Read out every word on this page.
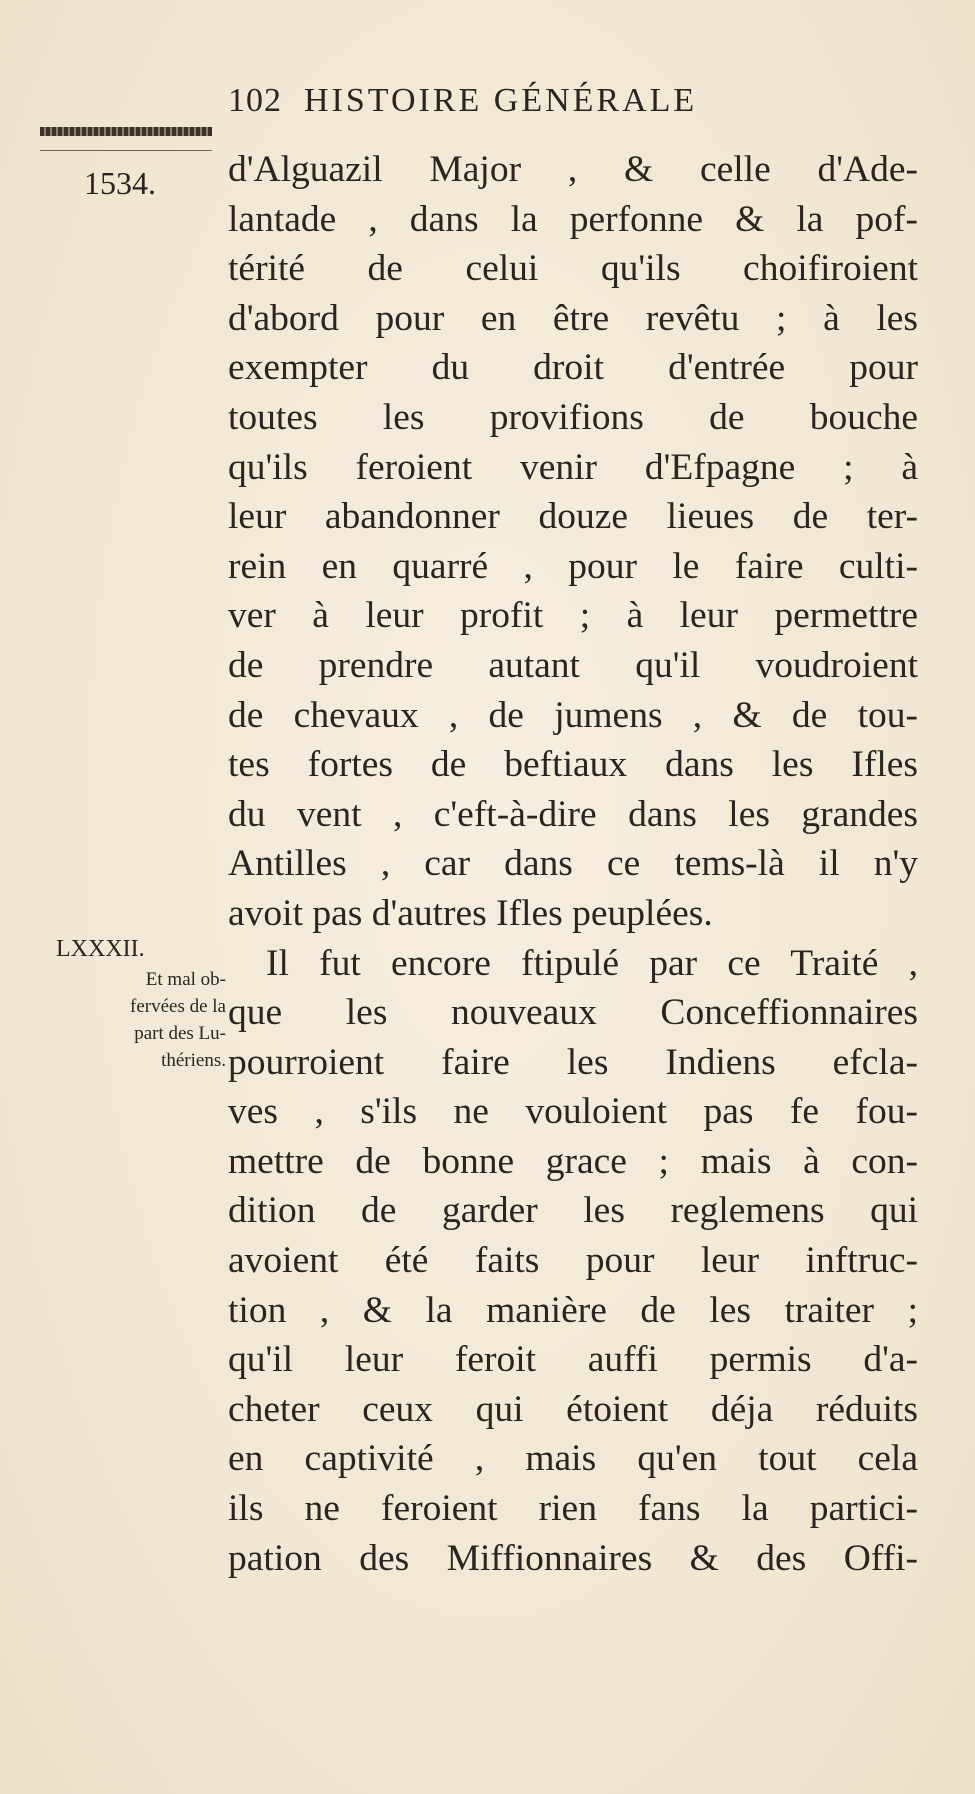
102 HISTOIRE GÉNÉRALE
1534. d'Alguazil Major , & celle d'Ade-
lantade , dans la perfonne & la pof-
térité de celui qu'ils choifiroient
d'abord pour en être revêtu ; à les
exempter du droit d'entrée pour
toutes les provifions de bouche
qu'ils feroient venir d'Efpagne ; à
leur abandonner douze lieues de ter-
rein en quarré , pour le faire culti-
ver à leur profit ; à leur permettre
de prendre autant qu'il voudroient
de chevaux , de jumens , & de tou-
tes fortes de beftiaux dans les Ifles
du vent , c'eft-à-dire dans les grandes
Antilles , car dans ce tems-là il n'y
avoit pas d'autres Ifles peuplées.
Il fut encore ftipulé par ce Traité ,
que les nouveaux Conceffionnaires
pourroient faire les Indiens efcla-
ves , s'ils ne vouloient pas fe fou-
mettre de bonne grace ; mais à con-
dition de garder les reglemens qui
avoient été faits pour leur inftruc-
tion , & la manière de les traiter ;
qu'il leur feroit auffi permis d'a-
cheter ceux qui étoient déja réduits
en captivité , mais qu'en tout cela
ils ne feroient rien fans la partici-
pation des Miffionnaires & des Offi-
LXXXII.
Et mal ob-
fervées de la
part des Lu-
thériens.
